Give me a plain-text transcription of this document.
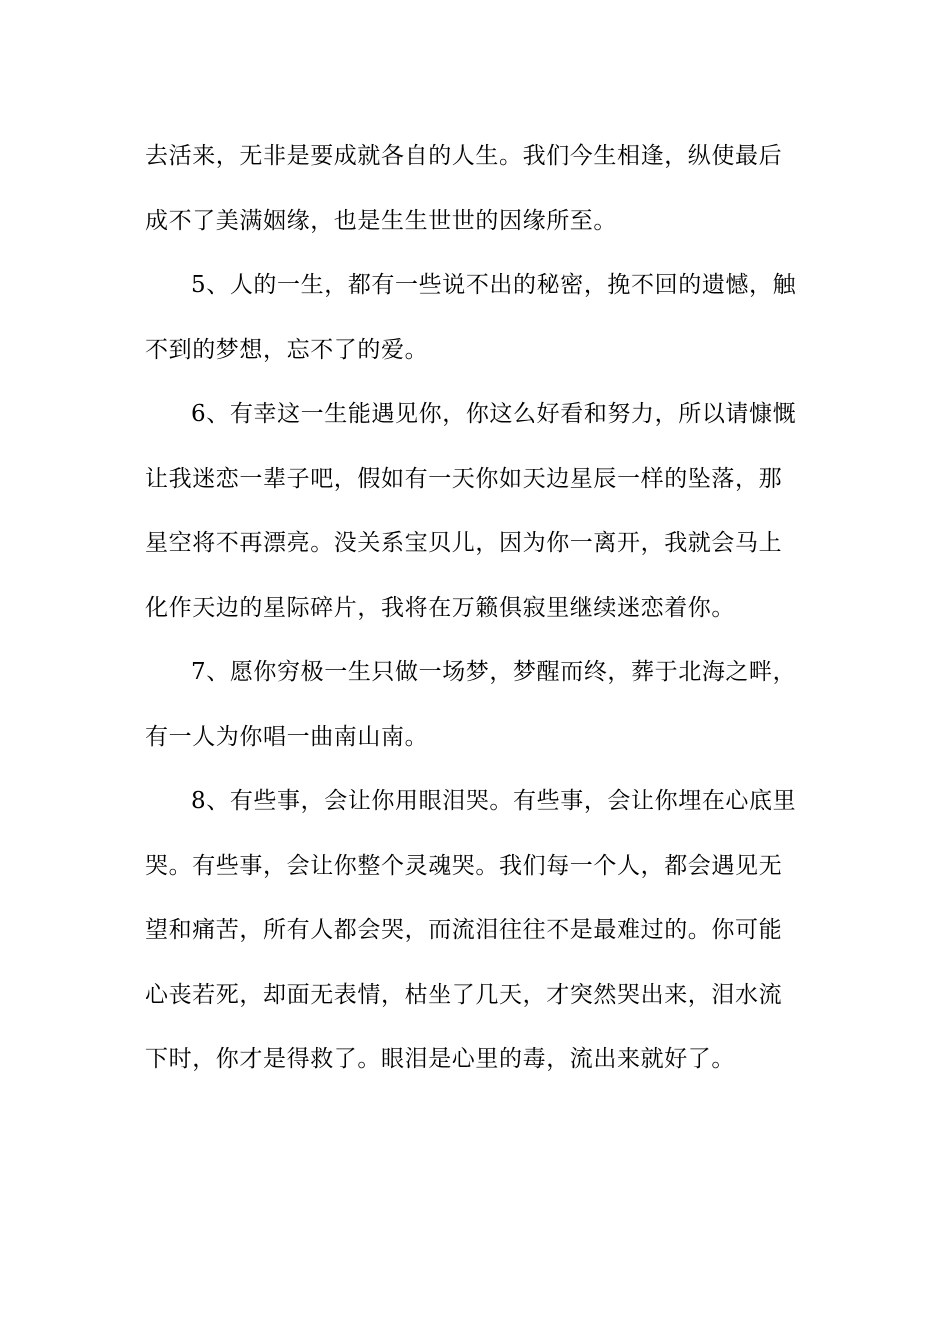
去活来，无非是要成就各自的人生。我们今生相逢，纵使最后
成不了美满姻缘，也是生生世世的因缘所至。
5、人的一生，都有一些说不出的秘密，挽不回的遗憾，触
不到的梦想，忘不了的爱。
6、有幸这一生能遇见你，你这么好看和努力，所以请慷慨
让我迷恋一辈子吧，假如有一天你如天边星辰一样的坠落，那
星空将不再漂亮。没关系宝贝儿，因为你一离开，我就会马上
化作天边的星际碎片，我将在万籁俱寂里继续迷恋着你。
7、愿你穷极一生只做一场梦，梦醒而终，葬于北海之畔，
有一人为你唱一曲南山南。
8、有些事，会让你用眼泪哭。有些事，会让你埋在心底里
哭。有些事，会让你整个灵魂哭。我们每一个人，都会遇见无
望和痛苦，所有人都会哭，而流泪往往不是最难过的。你可能
心丧若死，却面无表情，枯坐了几天，才突然哭出来，泪水流
下时，你才是得救了。眼泪是心里的毒，流出来就好了。
